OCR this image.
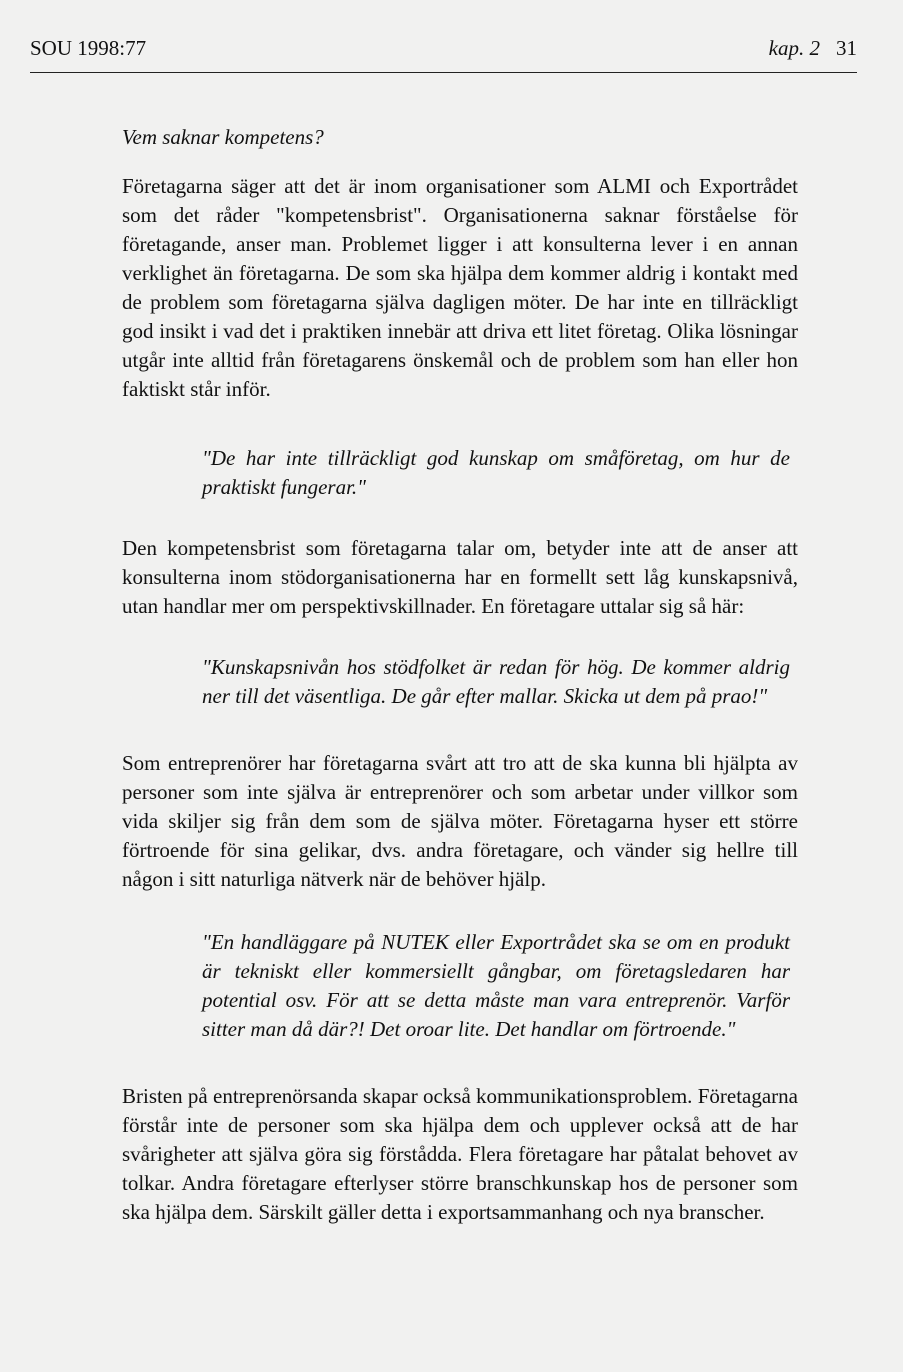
SOU 1998:77	kap. 2 31

Vem saknar kompetens?

Företagarna säger att det är inom organisationer som ALMI och Exportrådet som det råder "kompetensbrist". Organisationerna saknar förståelse för företagande, anser man. Problemet ligger i att konsulterna lever i en annan verklighet än företagarna. De som ska hjälpa dem kommer aldrig i kontakt med de problem som företagarna själva dagligen möter. De har inte en tillräckligt god insikt i vad det i praktiken innebär att driva ett litet företag. Olika lösningar utgår inte alltid från företagarens önskemål och de problem som han eller hon faktiskt står inför.

"De har inte tillräckligt god kunskap om småföretag, om hur de praktiskt fungerar."

Den kompetensbrist som företagarna talar om, betyder inte att de anser att konsulterna inom stödorganisationerna har en formellt sett låg kunskapsnivå, utan handlar mer om perspektivskillnader. En företagare uttalar sig så här:

"Kunskapsnivån hos stödfolket är redan för hög. De kommer aldrig ner till det väsentliga. De går efter mallar. Skicka ut dem på prao!"

Som entreprenörer har företagarna svårt att tro att de ska kunna bli hjälpta av personer som inte själva är entreprenörer och som arbetar under villkor som vida skiljer sig från dem som de själva möter. Företagarna hyser ett större förtroende för sina gelikar, dvs. andra företagare, och vänder sig hellre till någon i sitt naturliga nätverk när de behöver hjälp.

"En handläggare på NUTEK eller Exportrådet ska se om en produkt är tekniskt eller kommersiellt gångbar, om företagsledaren har potential osv. För att se detta måste man vara entreprenör. Varför sitter man då där?! Det oroar lite. Det handlar om förtroende."

Bristen på entreprenörsanda skapar också kommunikationsproblem. Företagarna förstår inte de personer som ska hjälpa dem och upplever också att de har svårigheter att själva göra sig förstådda. Flera företagare har påtalat behovet av tolkar. Andra företagare efterlyser större branschkunskap hos de personer som ska hjälpa dem. Särskilt gäller detta i exportsammanhang och nya branscher.
